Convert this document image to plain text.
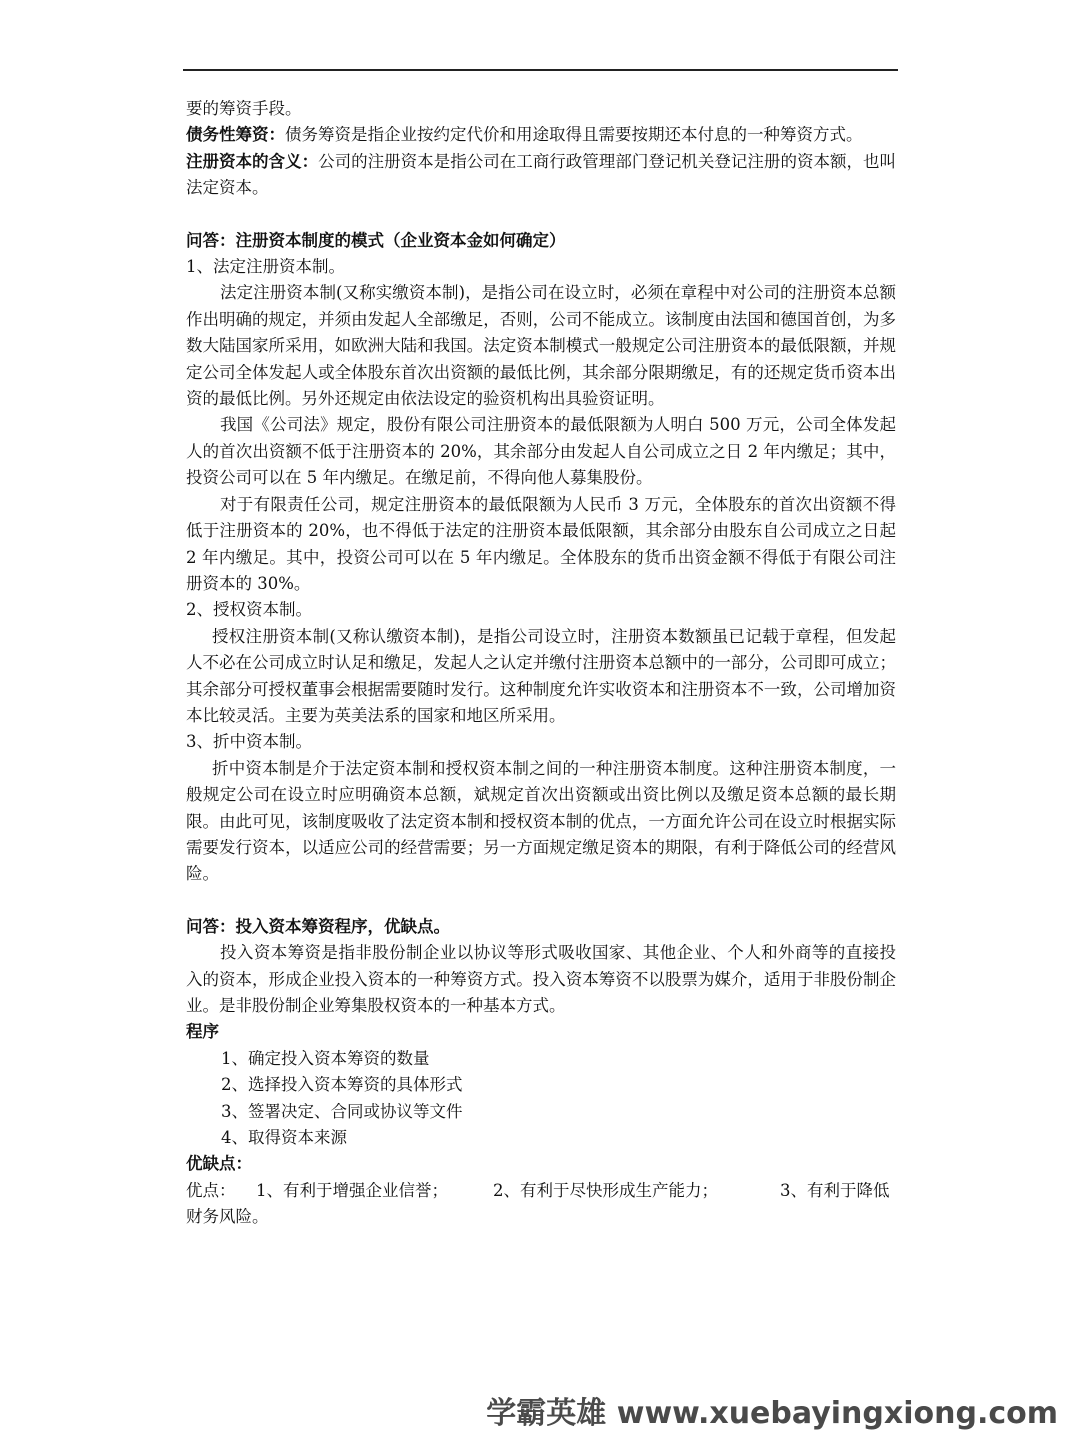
要的筹资手段。

债务性筹资：债务筹资是指企业按约定代价和用途取得且需要按期还本付息的一种筹资方式。

注册资本的含义：公司的注册资本是指公司在工商行政管理部门登记机关登记注册的资本额，也叫法定资本。

问答：注册资本制度的模式（企业资本金如何确定）

1、法定注册资本制。

法定注册资本制(又称实缴资本制)，是指公司在设立时，必须在章程中对公司的注册资本总额作出明确的规定，并须由发起人全部缴足，否则，公司不能成立。该制度由法国和德国首创，为多数大陆国家所采用，如欧洲大陆和我国。法定资本制模式一般规定公司注册资本的最低限额，并规定公司全体发起人或全体股东首次出资额的最低比例，其余部分限期缴足，有的还规定货币资本出资的最低比例。另外还规定由依法设定的验资机构出具验资证明。

我国《公司法》规定，股份有限公司注册资本的最低限额为人明白 500 万元，公司全体发起人的首次出资额不低于注册资本的 20%，其余部分由发起人自公司成立之日 2 年内缴足；其中，投资公司可以在 5 年内缴足。在缴足前，不得向他人募集股份。

对于有限责任公司，规定注册资本的最低限额为人民币 3 万元，全体股东的首次出资额不得低于注册资本的 20%，也不得低于法定的注册资本最低限额，其余部分由股东自公司成立之日起 2 年内缴足。其中，投资公司可以在 5 年内缴足。全体股东的货币出资金额不得低于有限公司注册资本的 30%。

2、授权资本制。

授权注册资本制(又称认缴资本制)，是指公司设立时，注册资本数额虽已记载于章程，但发起人不必在公司成立时认足和缴足，发起人之认定并缴付注册资本总额中的一部分，公司即可成立；其余部分可授权董事会根据需要随时发行。这种制度允许实收资本和注册资本不一致，公司增加资本比较灵活。主要为英美法系的国家和地区所采用。

3、折中资本制。

折中资本制是介于法定资本制和授权资本制之间的一种注册资本制度。这种注册资本制度，一般规定公司在设立时应明确资本总额，斌规定首次出资额或出资比例以及缴足资本总额的最长期限。由此可见，该制度吸收了法定资本制和授权资本制的优点，一方面允许公司在设立时根据实际需要发行资本，以适应公司的经营需要；另一方面规定缴足资本的期限，有利于降低公司的经营风险。

问答：投入资本筹资程序，优缺点。

投入资本筹资是指非股份制企业以协议等形式吸收国家、其他企业、个人和外商等的直接投入的资本，形成企业投入资本的一种筹资方式。投入资本筹资不以股票为媒介，适用于非股份制企业。是非股份制企业筹集股权资本的一种基本方式。

程序

1、确定投入资本筹资的数量

2、选择投入资本筹资的具体形式

3、签署决定、合同或协议等文件

4、取得资本来源

优缺点：

优点：	1、有利于增强企业信誉；	2、有利于尽快形成生产能力；	3、有利于降低

财务风险。

学霸英雄 www.xuebayingxiong.com
